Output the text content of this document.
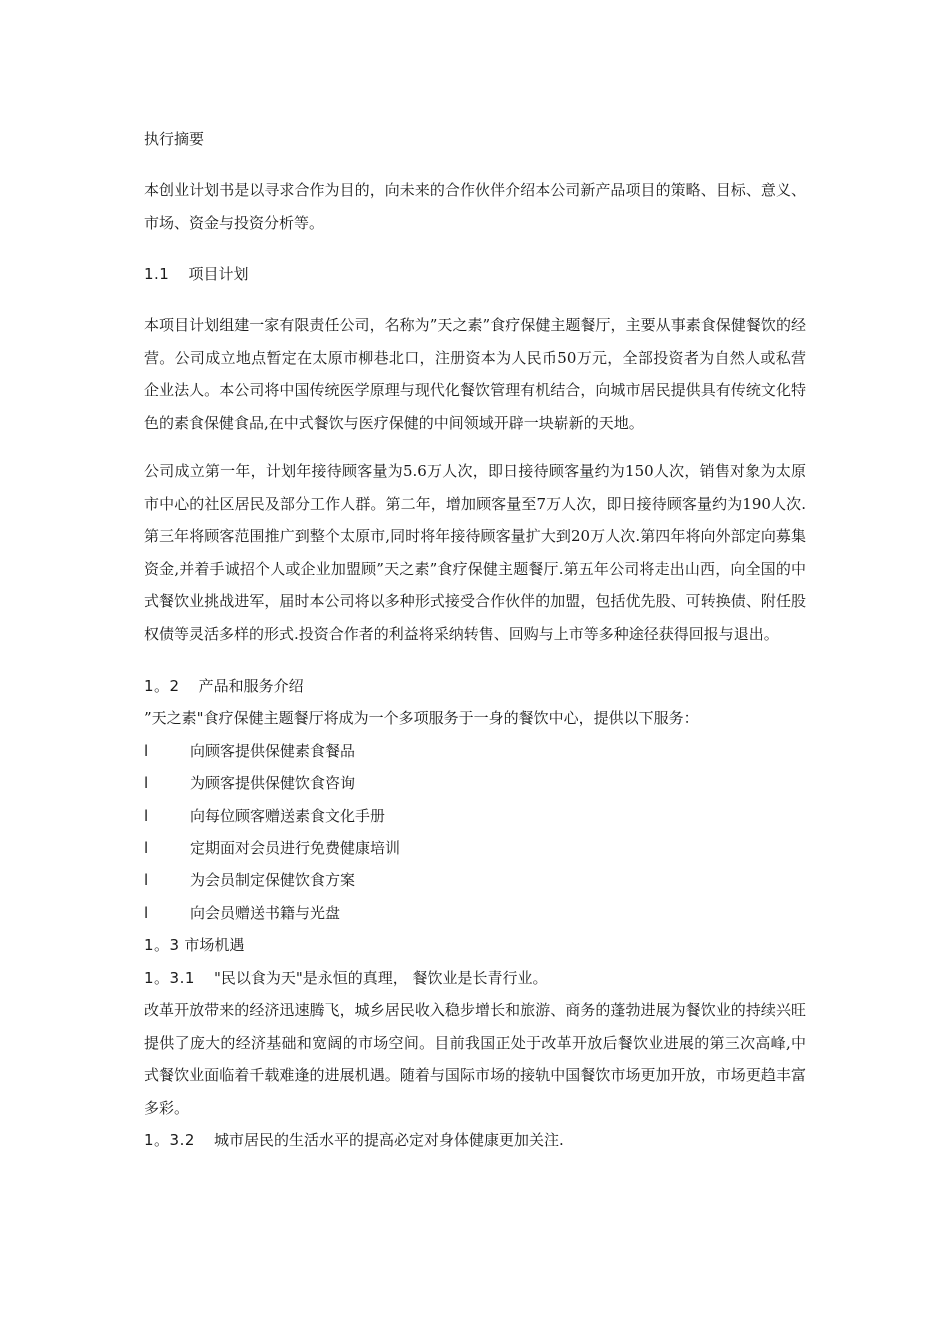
执行摘要
本创业计划书是以寻求合作为目的，向未来的合作伙伴介绍本公司新产品项目的策略、目标、意义、市场、资金与投资分析等。
1.1 项目计划
本项目计划组建一家有限责任公司，名称为”天之素”食疗保健主题餐厅，主要从事素食保健餐饮的经营。公司成立地点暂定在太原市柳巷北口，注册资本为人民币50万元，全部投资者为自然人或私营企业法人。本公司将中国传统医学原理与现代化餐饮管理有机结合，向城市居民提供具有传统文化特色的素食保健食品,在中式餐饮与医疗保健的中间领域开辟一块崭新的天地。
公司成立第一年，计划年接待顾客量为5.6万人次，即日接待顾客量约为150人次，销售对象为太原市中心的社区居民及部分工作人群。第二年，增加顾客量至7万人次，即日接待顾客量约为190人次.第三年将顾客范围推广到整个太原市,同时将年接待顾客量扩大到20万人次.第四年将向外部定向募集资金,并着手诚招个人或企业加盟顾”天之素”食疗保健主题餐厅.第五年公司将走出山西，向全国的中式餐饮业挑战进军，届时本公司将以多种形式接受合作伙伴的加盟，包括优先股、可转换债、附任股权债等灵活多样的形式.投资合作者的利益将采纳转售、回购与上市等多种途径获得回报与退出。
1。2 产品和服务介绍
”天之素"食疗保健主题餐厅将成为一个多项服务于一身的餐饮中心，提供以下服务：
l	向顾客提供保健素食餐品
l	为顾客提供保健饮食咨询
l	向每位顾客赠送素食文化手册
l	定期面对会员进行免费健康培训
l	为会员制定保健饮食方案
l	向会员赠送书籍与光盘
1。3 市场机遇
1。3.1 "民以食为天"是永恒的真理， 餐饮业是长青行业。
改革开放带来的经济迅速腾飞，城乡居民收入稳步增长和旅游、商务的蓬勃进展为餐饮业的持续兴旺提供了庞大的经济基础和宽阔的市场空间。目前我国正处于改革开放后餐饮业进展的第三次高峰,中式餐饮业面临着千载难逢的进展机遇。随着与国际市场的接轨中国餐饮市场更加开放，市场更趋丰富多彩。
1。3.2 城市居民的生活水平的提高必定对身体健康更加关注.
